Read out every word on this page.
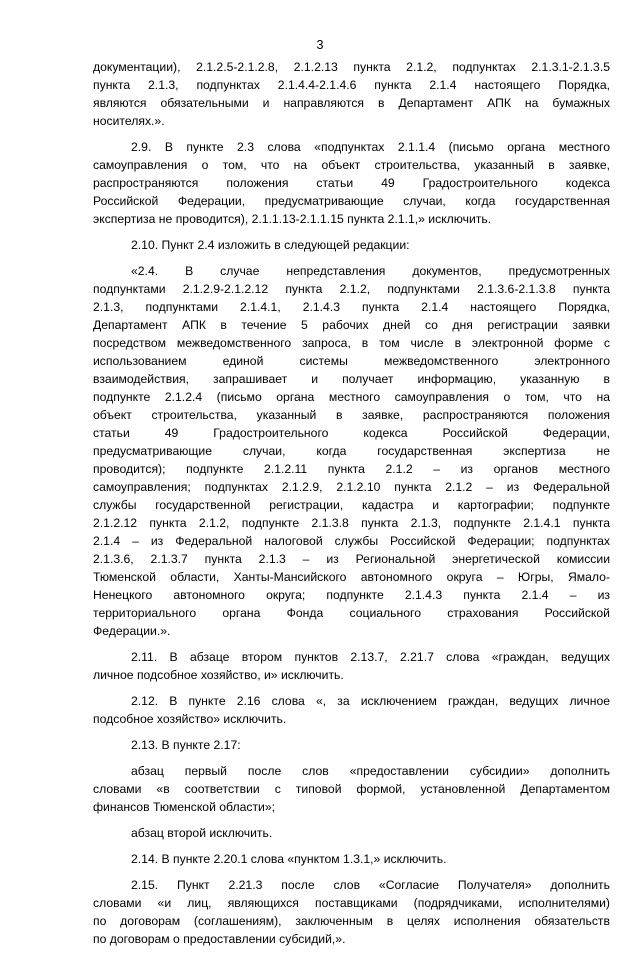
3
документации), 2.1.2.5-2.1.2.8, 2.1.2.13 пункта 2.1.2, подпунктах 2.1.3.1-2.1.3.5
пункта 2.1.3, подпунктах 2.1.4.4-2.1.4.6 пункта 2.1.4 настоящего Порядка,
являются обязательными и направляются в Департамент АПК на бумажных
носителях.».
2.9. В пункте 2.3 слова «подпунктах 2.1.1.4 (письмо органа местного
самоуправления о том, что на объект строительства, указанный в заявке,
распространяются положения статьи 49 Градостроительного кодекса
Российской Федерации, предусматривающие случаи, когда государственная
экспертиза не проводится), 2.1.1.13-2.1.1.15 пункта 2.1.1,» исключить.
2.10. Пункт 2.4 изложить в следующей редакции:
«2.4. В случае непредставления документов, предусмотренных
подпунктами 2.1.2.9-2.1.2.12 пункта 2.1.2, подпунктами 2.1.3.6-2.1.3.8 пункта
2.1.3, подпунктами 2.1.4.1, 2.1.4.3 пункта 2.1.4 настоящего Порядка,
Департамент АПК в течение 5 рабочих дней со дня регистрации заявки
посредством межведомственного запроса, в том числе в электронной форме с
использованием единой системы межведомственного электронного
взаимодействия, запрашивает и получает информацию, указанную в
подпункте 2.1.2.4 (письмо органа местного самоуправления о том, что на
объект строительства, указанный в заявке, распространяются положения
статьи 49 Градостроительного кодекса Российской Федерации,
предусматривающие случаи, когда государственная экспертиза не
проводится); подпункте 2.1.2.11 пункта 2.1.2 – из органов местного
самоуправления; подпунктах 2.1.2.9, 2.1.2.10 пункта 2.1.2 – из Федеральной
службы государственной регистрации, кадастра и картографии; подпункте
2.1.2.12 пункта 2.1.2, подпункте 2.1.3.8 пункта 2.1.3, подпункте 2.1.4.1 пункта
2.1.4 – из Федеральной налоговой службы Российской Федерации; подпунктах
2.1.3.6, 2.1.3.7 пункта 2.1.3 – из Региональной энергетической комиссии
Тюменской области, Ханты-Мансийского автономного округа – Югры, Ямало-
Ненецкого автономного округа; подпункте 2.1.4.3 пункта 2.1.4 – из
территориального органа Фонда социального страхования Российской
Федерации.».
2.11. В абзаце втором пунктов 2.13.7, 2.21.7 слова «граждан, ведущих
личное подсобное хозяйство, и» исключить.
2.12. В пункте 2.16 слова «, за исключением граждан, ведущих личное
подсобное хозяйство» исключить.
2.13. В пункте 2.17:
абзац первый после слов «предоставлении субсидии» дополнить
словами «в соответствии с типовой формой, установленной Департаментом
финансов Тюменской области»;
абзац второй исключить.
2.14. В пункте 2.20.1 слова «пунктом 1.3.1,» исключить.
2.15. Пункт 2.21.3 после слов «Согласие Получателя» дополнить
словами «и лиц, являющихся поставщиками (подрядчиками, исполнителями)
по договорам (соглашениям), заключенным в целях исполнения обязательств
по договорам о предоставлении субсидий,».
